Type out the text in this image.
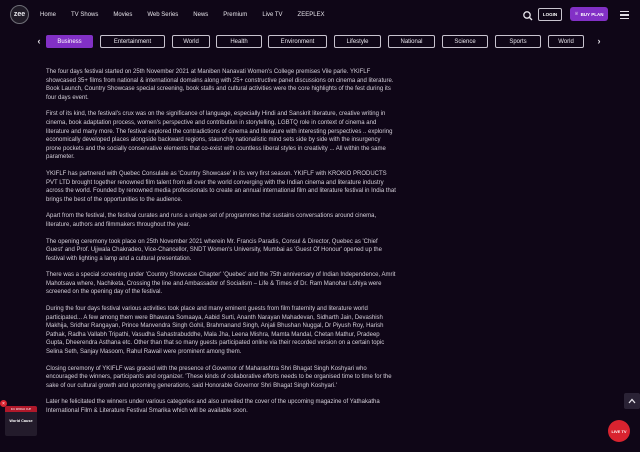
zee Home	TV Shows	Movies	Web Series	News	Premium	Live TV	ZEEPLEX	LOGIN	♕ BUY PLAN
‹	Business	Entertainment	World	Health	Environment	Lifestyle	National	Science	Sports	World	›

The four days festival started on 25th November 2021 at Maniben Nanavati Women's College premises Vile parle. YKIFLF showcased 35+ films from national & international domains along with 25+ constructive panel discussions on cinema and literature. Book Launch, Country Showcase special screening, book stalls and cultural activities were the core highlights of the fest during its four days event.

First of its kind, the festival's crux was on the significance of language, especially Hindi and Sanskrit literature, creative writing in cinema, book adaptation process, women's perspective and contribution in storytelling, LGBTQ role in context of cinema and literature and many more. The festival explored the contradictions of cinema and literature with interesting perspectives .. exploring economically developed places alongside backward regions, staunchly nationalistic mind sets side by side with the insurgency prone pockets and the socially conservative elements that co-exist with countless liberal styles in creativity ... All within the same parameter.

YKIFLF has partnered with Quebec Consulate as 'Country Showcase' in its very first season. YKIFLF with KROKIO PRODUCTS PVT LTD brought together renowned film talent from all over the world converging with the Indian cinema and literature industry across the world. Founded by renowned media professionals to create an annual international film and literature festival in India that brings the best of the opportunities to the audience.

Apart from the festival, the festival curates and runs a unique set of programmes that sustains conversations around cinema, literature, authors and filmmakers throughout the year.

The opening ceremony took place on 25th November 2021 wherein Mr. Francis Paradis, Consul & Director, Quebec as 'Chief Guest' and Prof. Ujjwala Chakradeo, Vice-Chancellor, SNDT Women's University, Mumbai as 'Guest Of Honour' opened up the festival with lighting a lamp and a cultural presentation.

There was a special screening under 'Country Showcase Chapter' 'Quebec' and the 75th anniversary of Indian Independence, Amrit Mahotsava where, Nachiketa, Crossing the line and Ambassador of Socialism – Life & Times of Dr. Ram Manohar Lohiya were screened on the opening day of the festival.

During the four days festival various activities took place and many eminent guests from film fraternity and literature world participated... A few among them were Bhawana Somaaya, Aabid Surti, Ananth Narayan Mahadevan, Sidharth Jain, Devashish Makhija, Sridhar Rangayan, Prince Manvendra Singh Gohil, Brahmanand Singh, Anjali Bhushan Nuggal, Dr Piyush Roy, Harish Pathak, Radha Vallabh Tripathi, Vasudha Sahastrabuddhe, Mala Jha, Leena Mishra, Mamta Mandal, Chetan Mathur, Pradeep Gupta, Dheerendra Asthana etc. Other than that so many guests participated online via their recorded version on a certain topic Selina Seth, Sanjay Masoom, Rahul Rawail were prominent among them.

Closing ceremony of YKIFLF was graced with the presence of Governor of Maharashtra Shri Bhagat Singh Koshyari who encouraged the winners, participants and organizer. 'These kinds of collaborative efforts needs to be organised time to time for the sake of our cultural growth and upcoming generations, said Honorable Governor Shri Bhagat Singh Koshyari.'

Later he felicitated the winners under various categories and also unveiled the cover of the upcoming magazine of Yathakatha International Film & Literature Festival Smarika which will be available soon.

ICC WORLD CUP
World Cause
×
LIVE TV
